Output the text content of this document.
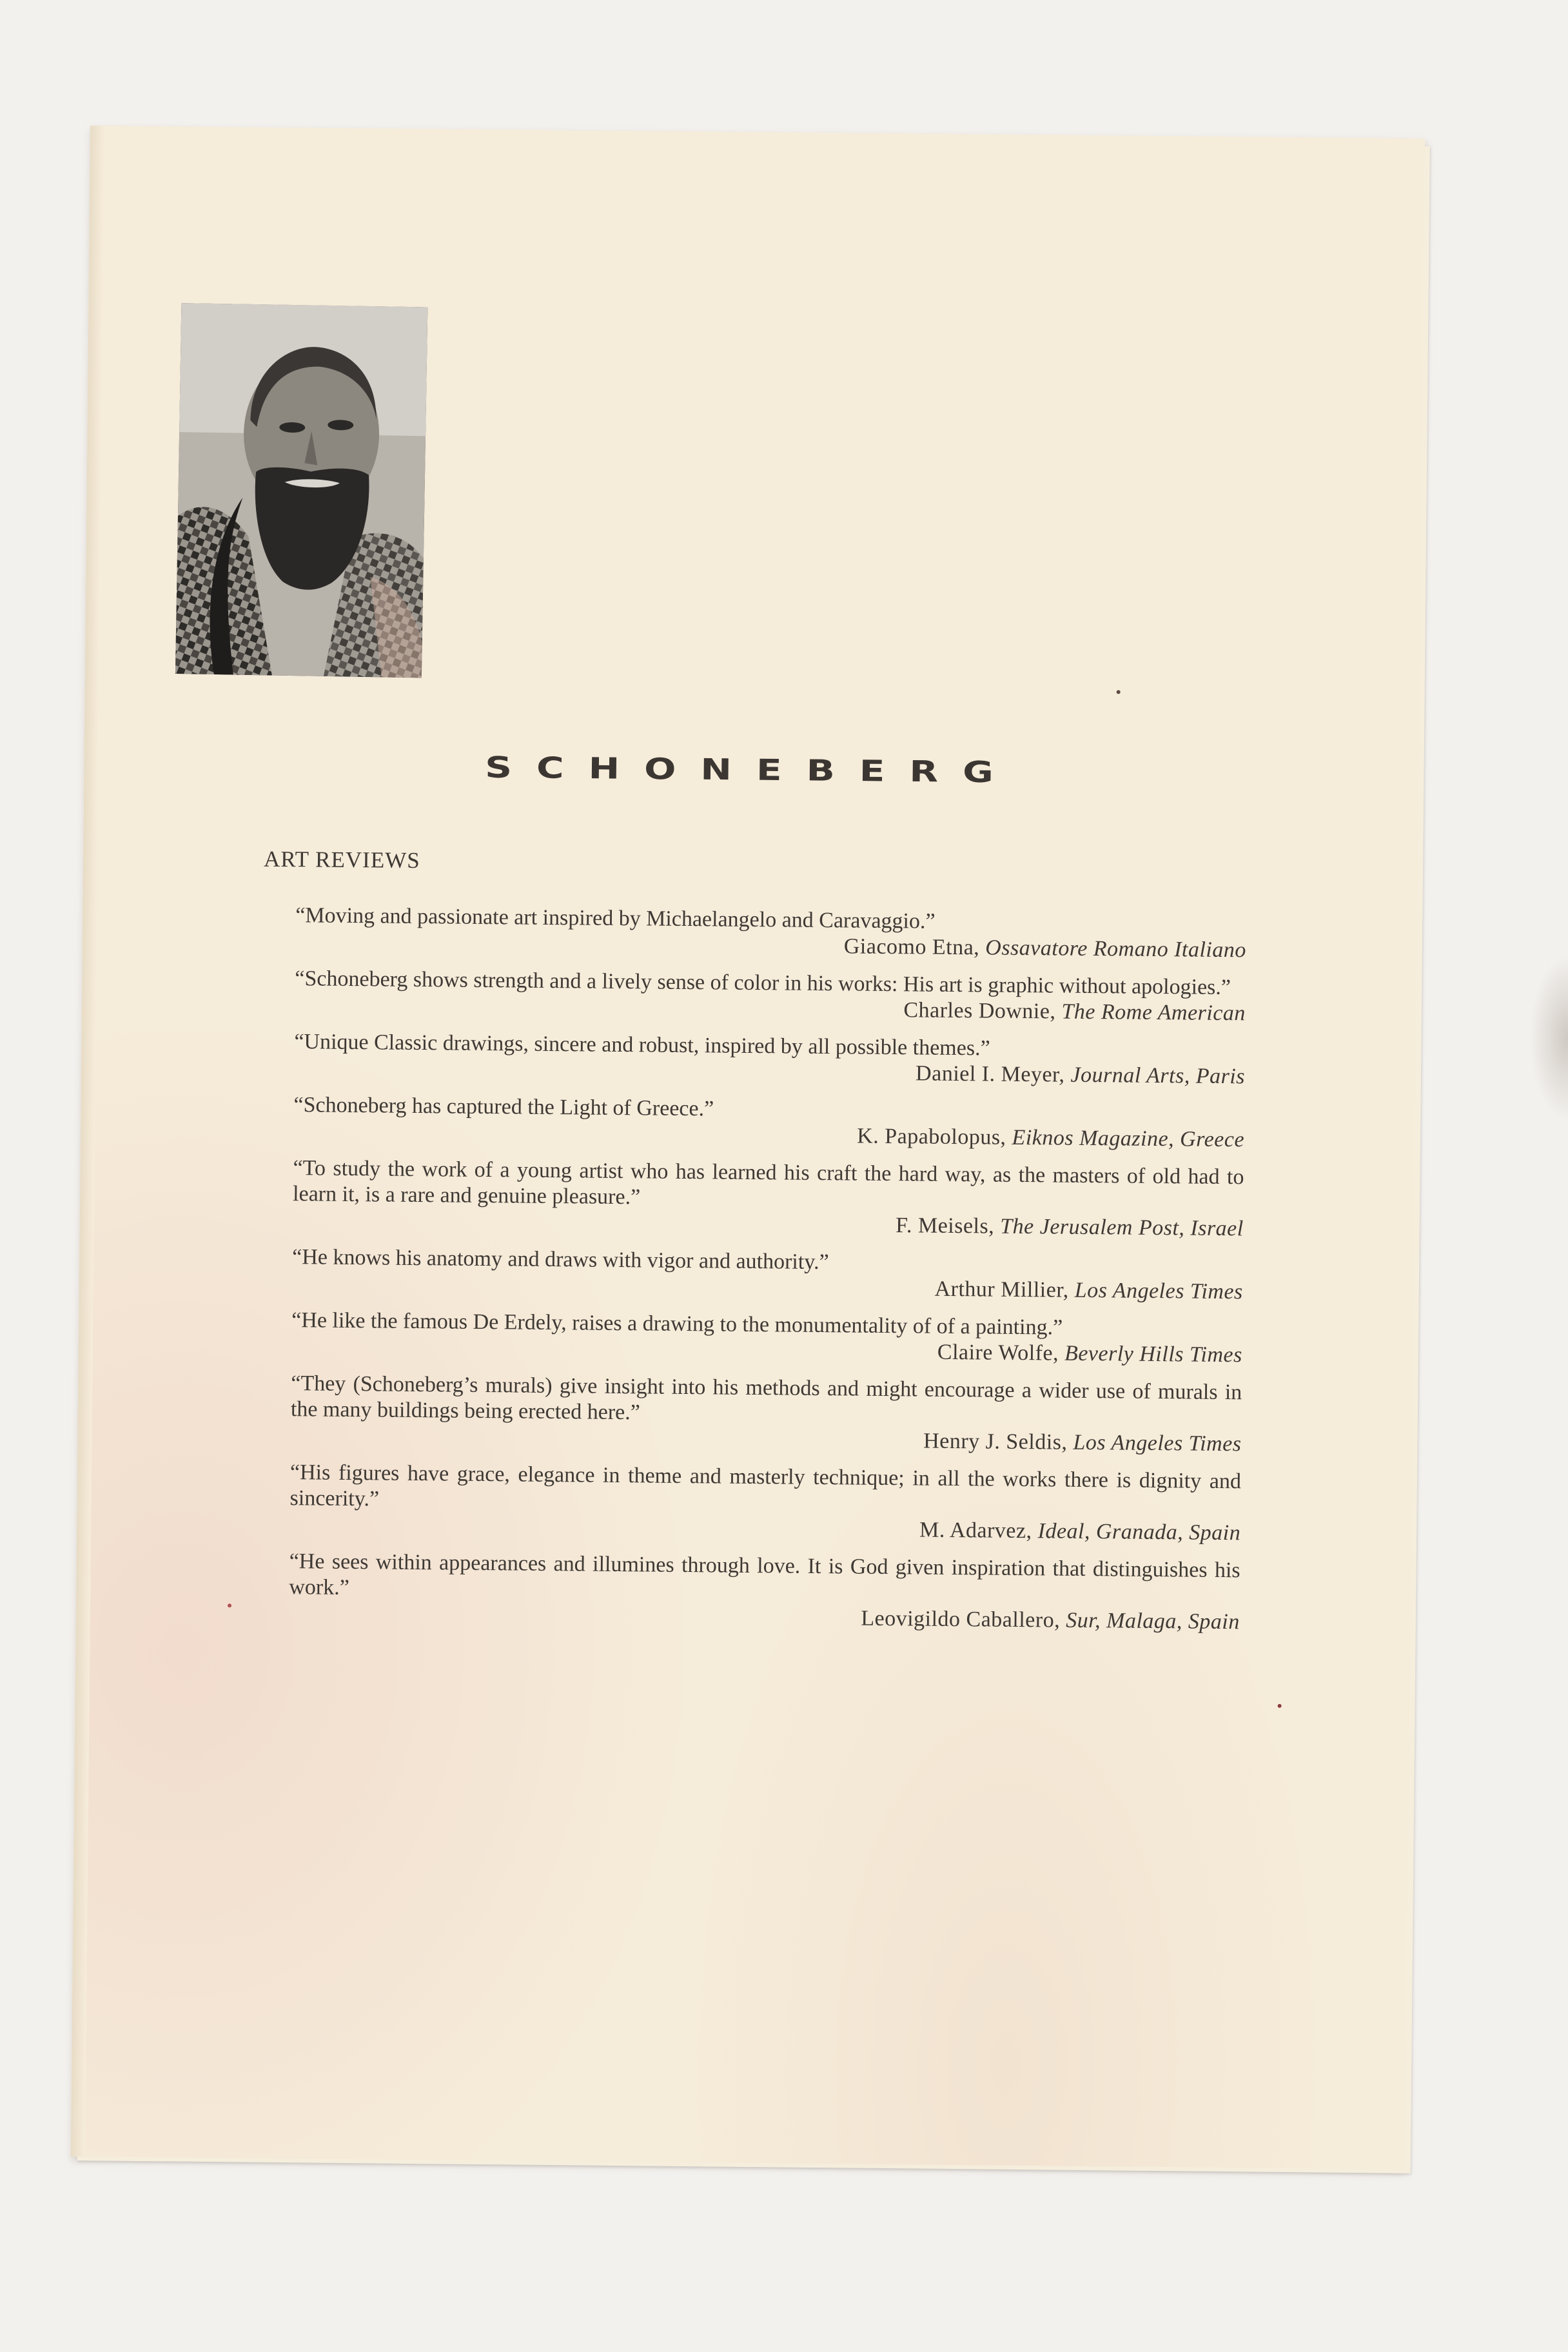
SCHONEBERG
ART REVIEWS

“Moving and passionate art inspired by Michaelangelo and Caravaggio.”

Giacomo Etna, Ossavatore Romano Italiano

“Schoneberg shows strength and a lively sense of color in his works: His art is graphic without apologies.”

Charles Downie, The Rome American

“Unique Classic drawings, sincere and robust, inspired by all possible themes.”

Daniel I. Meyer, Journal Arts, Paris

“Schoneberg has captured the Light of Greece.”

K. Papabolopus, Eiknos Magazine, Greece

“To study the work of a young artist who has learned his craft the hard way, as the masters of old had to learn it, is a rare and genuine pleasure.”

F. Meisels, The Jerusalem Post, Israel

“He knows his anatomy and draws with vigor and authority.”

Arthur Millier, Los Angeles Times

“He like the famous De Erdely, raises a drawing to the monumentality of of a painting.”

Claire Wolfe, Beverly Hills Times

“They (Schoneberg’s murals) give insight into his methods and might encourage a wider use of murals in the many buildings being erected here.”

Henry J. Seldis, Los Angeles Times

“His figures have grace, elegance in theme and masterly technique; in all the works there is dignity and sincerity.”

M. Adarvez, Ideal, Granada, Spain

“He sees within appearances and illumines through love. It is God given inspiration that distinguishes his work.”

Leovigildo Caballero, Sur, Malaga, Spain
